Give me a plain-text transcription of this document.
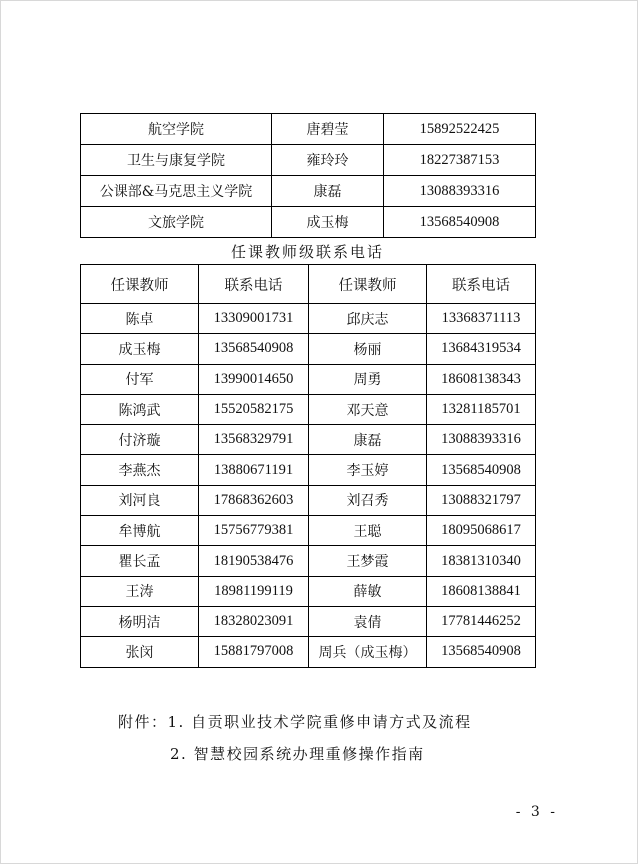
航空学院	唐碧莹	15892522425
卫生与康复学院	雍玲玲	18227387153
公课部&马克思主义学院	康磊	13088393316
文旅学院	成玉梅	13568540908
任课教师级联系电话
任课教师	联系电话	任课教师	联系电话
陈卓	13309001731	邱庆志	13368371113
成玉梅	13568540908	杨丽	13684319534
付军	13990014650	周勇	18608138343
陈鸿武	15520582175	邓天意	13281185701
付济璇	13568329791	康磊	13088393316
李燕杰	13880671191	李玉婷	13568540908
刘河良	17868362603	刘召秀	13088321797
牟博航	15756779381	王聪	18095068617
瞿长孟	18190538476	王梦霞	18381310340
王涛	18981199119	薛敏	18608138841
杨明洁	18328023091	袁倩	17781446252
张闵	15881797008	周兵（成玉梅）	13568540908
附件：1. 自贡职业技术学院重修申请方式及流程
2. 智慧校园系统办理重修操作指南
- 3 -
